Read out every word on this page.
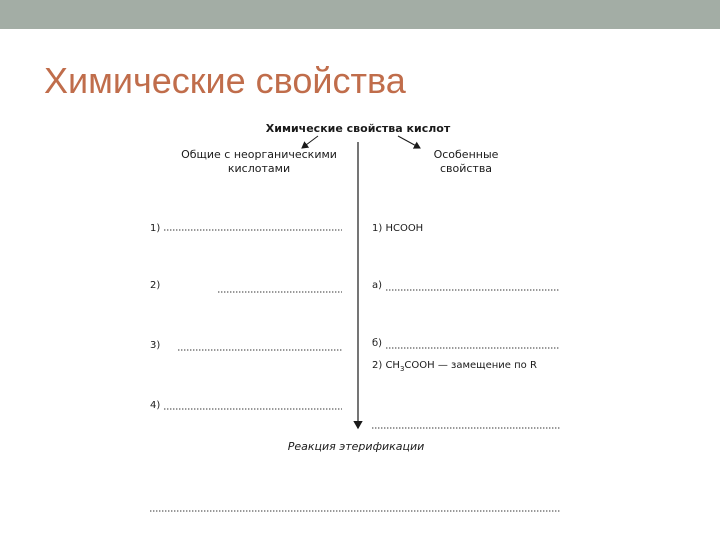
Химические свойства
Химические свойства кислот
Общие с неорганическими
кислотами
Особенные
свойства
1)
2)
3)
4)
1) HCOOH
а)
б)
2) $CH_3COOH$ — замещение по R
Реакция этерификации
